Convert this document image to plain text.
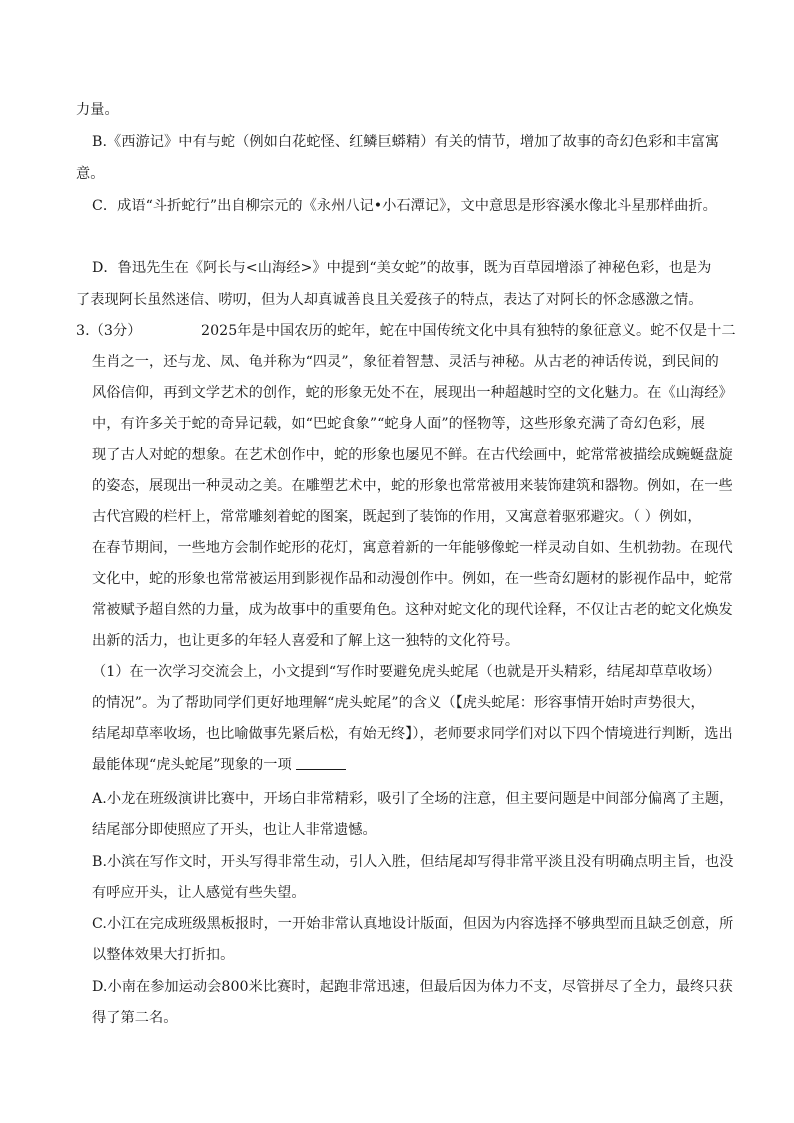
力量。
B.《西游记》中有与蛇（例如白花蛇怪、红鳞巨蟒精）有关的情节，增加了故事的奇幻色彩和丰富寓
意。
C．成语“斗折蛇行”出自柳宗元的《永州八记•小石潭记》，文中意思是形容溪水像北斗星那样曲折。
D．鲁迅先生在《阿长与<山海经>》中提到“美女蛇”的故事，既为百草园增添了神秘色彩，也是为
了表现阿长虽然迷信、唠叨，但为人却真诚善良且关爱孩子的特点，表达了对阿长的怀念感激之情。
3.（3分）	2025年是中国农历的蛇年，蛇在中国传统文化中具有独特的象征意义。蛇不仅是十二
生肖之一，还与龙、凤、龟并称为“四灵”，象征着智慧、灵活与神秘。从古老的神话传说，到民间的
风俗信仰，再到文学艺术的创作，蛇的形象无处不在，展现出一种超越时空的文化魅力。在《山海经》
中，有许多关于蛇的奇异记载，如“巴蛇食象”“蛇身人面”的怪物等，这些形象充满了奇幻色彩，展
现了古人对蛇的想象。在艺术创作中，蛇的形象也屡见不鲜。在古代绘画中，蛇常常被描绘成蜿蜒盘旋
的姿态，展现出一种灵动之美。在雕塑艺术中，蛇的形象也常常被用来装饰建筑和器物。例如，在一些
古代宫殿的栏杆上，常常雕刻着蛇的图案，既起到了装饰的作用，又寓意着驱邪避灾。（ ）例如，
在春节期间，一些地方会制作蛇形的花灯，寓意着新的一年能够像蛇一样灵动自如、生机勃勃。在现代
文化中，蛇的形象也常常被运用到影视作品和动漫创作中。例如，在一些奇幻题材的影视作品中，蛇常
常被赋予超自然的力量，成为故事中的重要角色。这种对蛇文化的现代诠释，不仅让古老的蛇文化焕发
出新的活力，也让更多的年轻人喜爱和了解上这一独特的文化符号。
（1）在一次学习交流会上，小文提到“写作时要避免虎头蛇尾（也就是开头精彩，结尾却草草收场）
的情况”。为了帮助同学们更好地理解“虎头蛇尾”的含义（【虎头蛇尾：形容事情开始时声势很大，
结尾却草率收场，也比喻做事先紧后松，有始无终】），老师要求同学们对以下四个情境进行判断，选出
最能体现“虎头蛇尾”现象的一项
A.小龙在班级演讲比赛中，开场白非常精彩，吸引了全场的注意，但主要问题是中间部分偏离了主题，
结尾部分即使照应了开头，也让人非常遗憾。
B.小滨在写作文时，开头写得非常生动，引人入胜，但结尾却写得非常平淡且没有明确点明主旨，也没
有呼应开头，让人感觉有些失望。
C.小江在完成班级黑板报时，一开始非常认真地设计版面，但因为内容选择不够典型而且缺乏创意，所
以整体效果大打折扣。
D.小南在参加运动会800米比赛时，起跑非常迅速，但最后因为体力不支，尽管拼尽了全力，最终只获
得了第二名。
